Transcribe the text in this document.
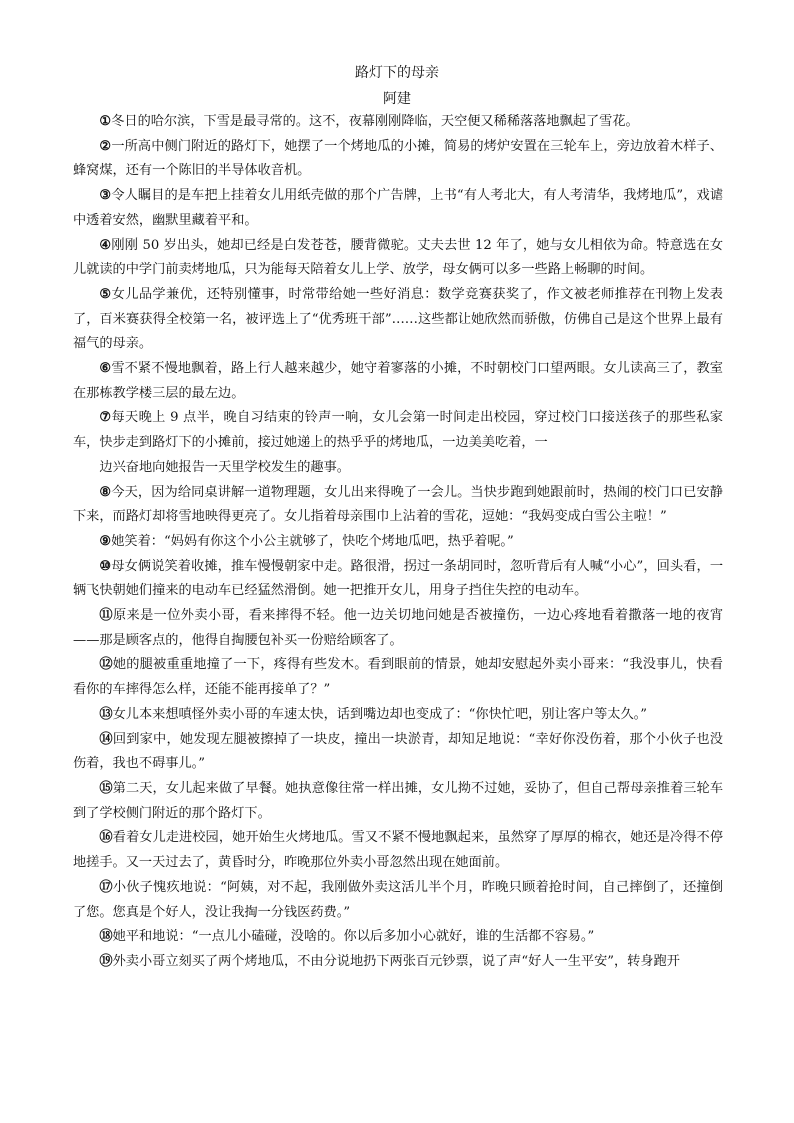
路灯下的母亲
阿建

①冬日的哈尔滨，下雪是最寻常的。这不，夜幕刚刚降临，天空便又稀稀落落地飘起了雪花。

②一所高中侧门附近的路灯下，她摆了一个烤地瓜的小摊，简易的烤炉安置在三轮车上，旁边放着木样子、蜂窝煤，还有一个陈旧的半导体收音机。

③令人瞩目的是车把上挂着女儿用纸壳做的那个广告牌，上书“有人考北大，有人考清华，我烤地瓜”，戏谑中透着安然，幽默里藏着平和。

④刚刚 50 岁出头，她却已经是白发苍苍，腰背微驼。丈夫去世 12 年了，她与女儿相依为命。特意选在女儿就读的中学门前卖烤地瓜，只为能每天陪着女儿上学、放学，母女俩可以多一些路上畅聊的时间。

⑤女儿品学兼优，还特别懂事，时常带给她一些好消息：数学竞赛获奖了，作文被老师推荐在刊物上发表了，百米赛获得全校第一名，被评选上了“优秀班干部”……这些都让她欣然而骄傲，仿佛自己是这个世界上最有福气的母亲。

⑥雪不紧不慢地飘着，路上行人越来越少，她守着寥落的小摊，不时朝校门口望两眼。女儿读高三了，教室在那栋教学楼三层的最左边。

⑦每天晚上 9 点半，晚自习结束的铃声一响，女儿会第一时间走出校园，穿过校门口接送孩子的那些私家车，快步走到路灯下的小摊前，接过她递上的热乎乎的烤地瓜，一边美美吃着，一

边兴奋地向她报告一天里学校发生的趣事。

⑧今天，因为给同桌讲解一道物理题，女儿出来得晚了一会儿。当快步跑到她跟前时，热闹的校门口已安静下来，而路灯却将雪地映得更亮了。女儿指着母亲围巾上沾着的雪花，逗她：“我妈变成白雪公主啦！”

⑨她笑着：“妈妈有你这个小公主就够了，快吃个烤地瓜吧，热乎着呢。”

⑩母女俩说笑着收摊，推车慢慢朝家中走。路很滑，拐过一条胡同时，忽听背后有人喊“小心”，回头看，一辆飞快朝她们撞来的电动车已经猛然滑倒。她一把推开女儿，用身子挡住失控的电动车。

⑪原来是一位外卖小哥，看来摔得不轻。他一边关切地问她是否被撞伤，一边心疼地看着撒落一地的夜宵——那是顾客点的，他得自掏腰包补买一份赔给顾客了。

⑫她的腿被重重地撞了一下，疼得有些发木。看到眼前的情景，她却安慰起外卖小哥来：“我没事儿，快看看你的车摔得怎么样，还能不能再接单了？”

⑬女儿本来想嗔怪外卖小哥的车速太快，话到嘴边却也变成了：“你快忙吧，别让客户等太久。”

⑭回到家中，她发现左腿被擦掉了一块皮，撞出一块淤青，却知足地说：“幸好你没伤着，那个小伙子也没伤着，我也不碍事儿。”

⑮第二天，女儿起来做了早餐。她执意像往常一样出摊，女儿拗不过她，妥协了，但自己帮母亲推着三轮车到了学校侧门附近的那个路灯下。

⑯看着女儿走进校园，她开始生火烤地瓜。雪又不紧不慢地飘起来，虽然穿了厚厚的棉衣，她还是冷得不停地搓手。又一天过去了，黄昏时分，昨晚那位外卖小哥忽然出现在她面前。

⑰小伙子愧疚地说：“阿姨，对不起，我刚做外卖这活儿半个月，昨晚只顾着抢时间，自己摔倒了，还撞倒了您。您真是个好人，没让我掏一分钱医药费。”

⑱她平和地说：“一点儿小磕碰，没啥的。你以后多加小心就好，谁的生活都不容易。”

⑲外卖小哥立刻买了两个烤地瓜，不由分说地扔下两张百元钞票，说了声“好人一生平安”，转身跑开
